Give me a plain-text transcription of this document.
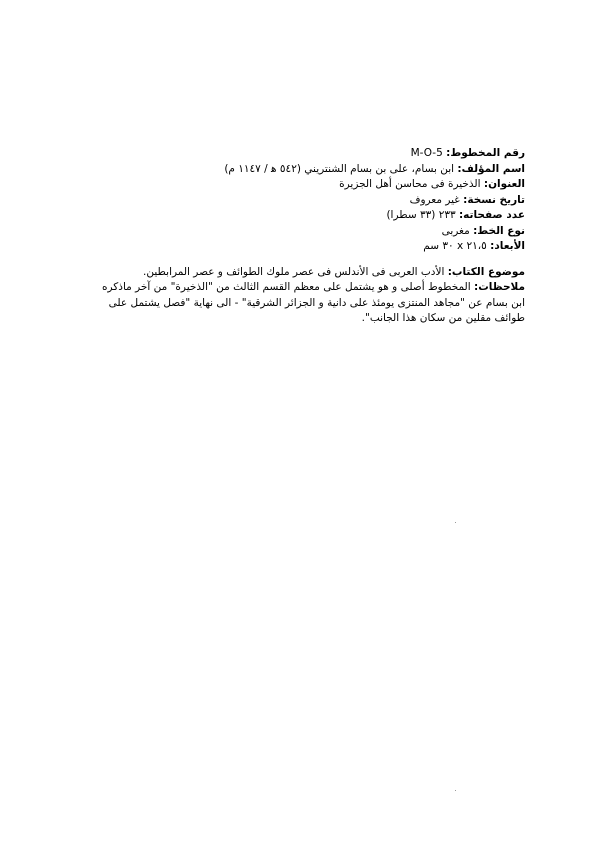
رقم المخطوط: M-O-5
اسم المؤلف: ابن بسام، على بن بسام الشنتريني (٥٤٢ ﻫ / ١١٤٧ م)
العنوان: الذخيرة فى محاسن أهل الجزيرة
تاريخ نسخة: غير معروف
عدد صفحاته: ٢٣٣ (٣٣ سطرا)
نوع الخط: مغربى
الأبعاد: ٢١،٥ x ٣٠ سم
موضوع الكتاب: الأدب العربى فى الأندلس فى عصر ملوك الطوائف و عصر المرابطين.
ملاحظات: المخطوط أصلى و هو يشتمل على معظم القسم الثالث من "الذخيرة" من آخر ماذكره ابن بسام عن "مجاهد المنتزى يومئذ على دانية و الجزائر الشرقية" - الى نهاية "فصل يشتمل على طوائف مقلين من سكان هذا الجانب".
